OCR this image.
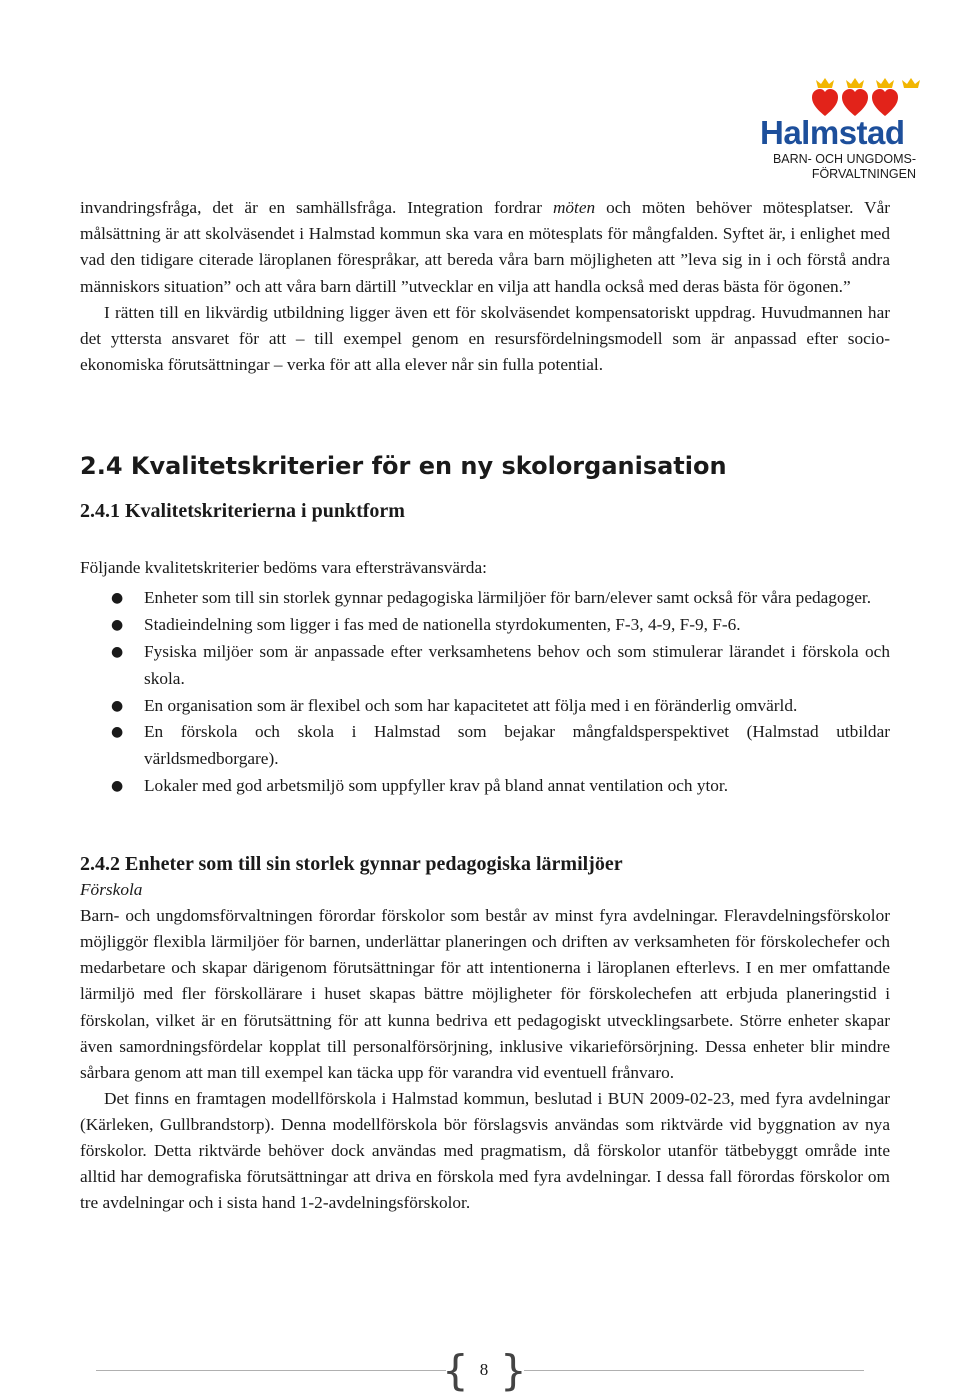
Halmstad
BARN- OCH UNGDOMS-
FÖRVALTNINGEN

invandringsfråga, det är en samhällsfråga. Integration fordrar möten och möten behöver mötesplatser. Vår målsättning är att skolväsendet i Halmstad kommun ska vara en mötesplats för mångfalden. Syftet är, i enlighet med vad den tidigare citerade läroplanen förespråkar, att bereda våra barn möjligheten att ”leva sig in i och förstå andra människors situation” och att våra barn därtill ”utvecklar en vilja att handla också med deras bästa för ögonen.”

I rätten till en likvärdig utbildning ligger även ett för skolväsendet kompensatoriskt uppdrag. Huvudmannen har det yttersta ansvaret för att – till exempel genom en resursfördelningsmodell som är anpassad efter socio-ekonomiska förutsättningar – verka för att alla elever når sin fulla potential.

2.4 Kvalitetskriterier för en ny skolorganisation
2.4.1 Kvalitetskriterierna i punktform

Följande kvalitetskriterier bedöms vara eftersträvansvärda:

● Enheter som till sin storlek gynnar pedagogiska lärmiljöer för barn/elever samt också för våra pedagoger.
● Stadieindelning som ligger i fas med de nationella styrdokumenten, F-3, 4-9, F-9, F-6.
● Fysiska miljöer som är anpassade efter verksamhetens behov och som stimulerar lärandet i förskola och skola.
● En organisation som är flexibel och som har kapacitetet att följa med i en föränderlig omvärld.
● En förskola och skola i Halmstad som bejakar mångfaldsperspektivet (Halmstad utbildar världsmedborgare).
● Lokaler med god arbetsmiljö som uppfyller krav på bland annat ventilation och ytor.
2.4.2 Enheter som till sin storlek gynnar pedagogiska lärmiljöer

Förskola

Barn- och ungdomsförvaltningen förordar förskolor som består av minst fyra avdelningar. Fleravdelningsförskolor möjliggör flexibla lärmiljöer för barnen, underlättar planeringen och driften av verksamheten för förskolechefer och medarbetare och skapar därigenom förutsättningar för att intentionerna i läroplanen efterlevs. I en mer omfattande lärmiljö med fler förskollärare i huset skapas bättre möjligheter för förskolechefen att erbjuda planeringstid i förskolan, vilket är en förutsättning för att kunna bedriva ett pedagogiskt utvecklingsarbete. Större enheter skapar även samordningsfördelar kopplat till personalförsörjning, inklusive vikarieförsörjning. Dessa enheter blir mindre sårbara genom att man till exempel kan täcka upp för varandra vid eventuell frånvaro.

Det finns en framtagen modellförskola i Halmstad kommun, beslutad i BUN 2009-02-23, med fyra avdelningar (Kärleken, Gullbrandstorp). Denna modellförskola bör förslagsvis användas som riktvärde vid byggnation av nya förskolor. Detta riktvärde behöver dock användas med pragmatism, då förskolor utanför tätbebyggt område inte alltid har demografiska förutsättningar att driva en förskola med fyra avdelningar. I dessa fall förordas förskolor om tre avdelningar och i sista hand 1-2-avdelningsförskolor.

{ }
8
